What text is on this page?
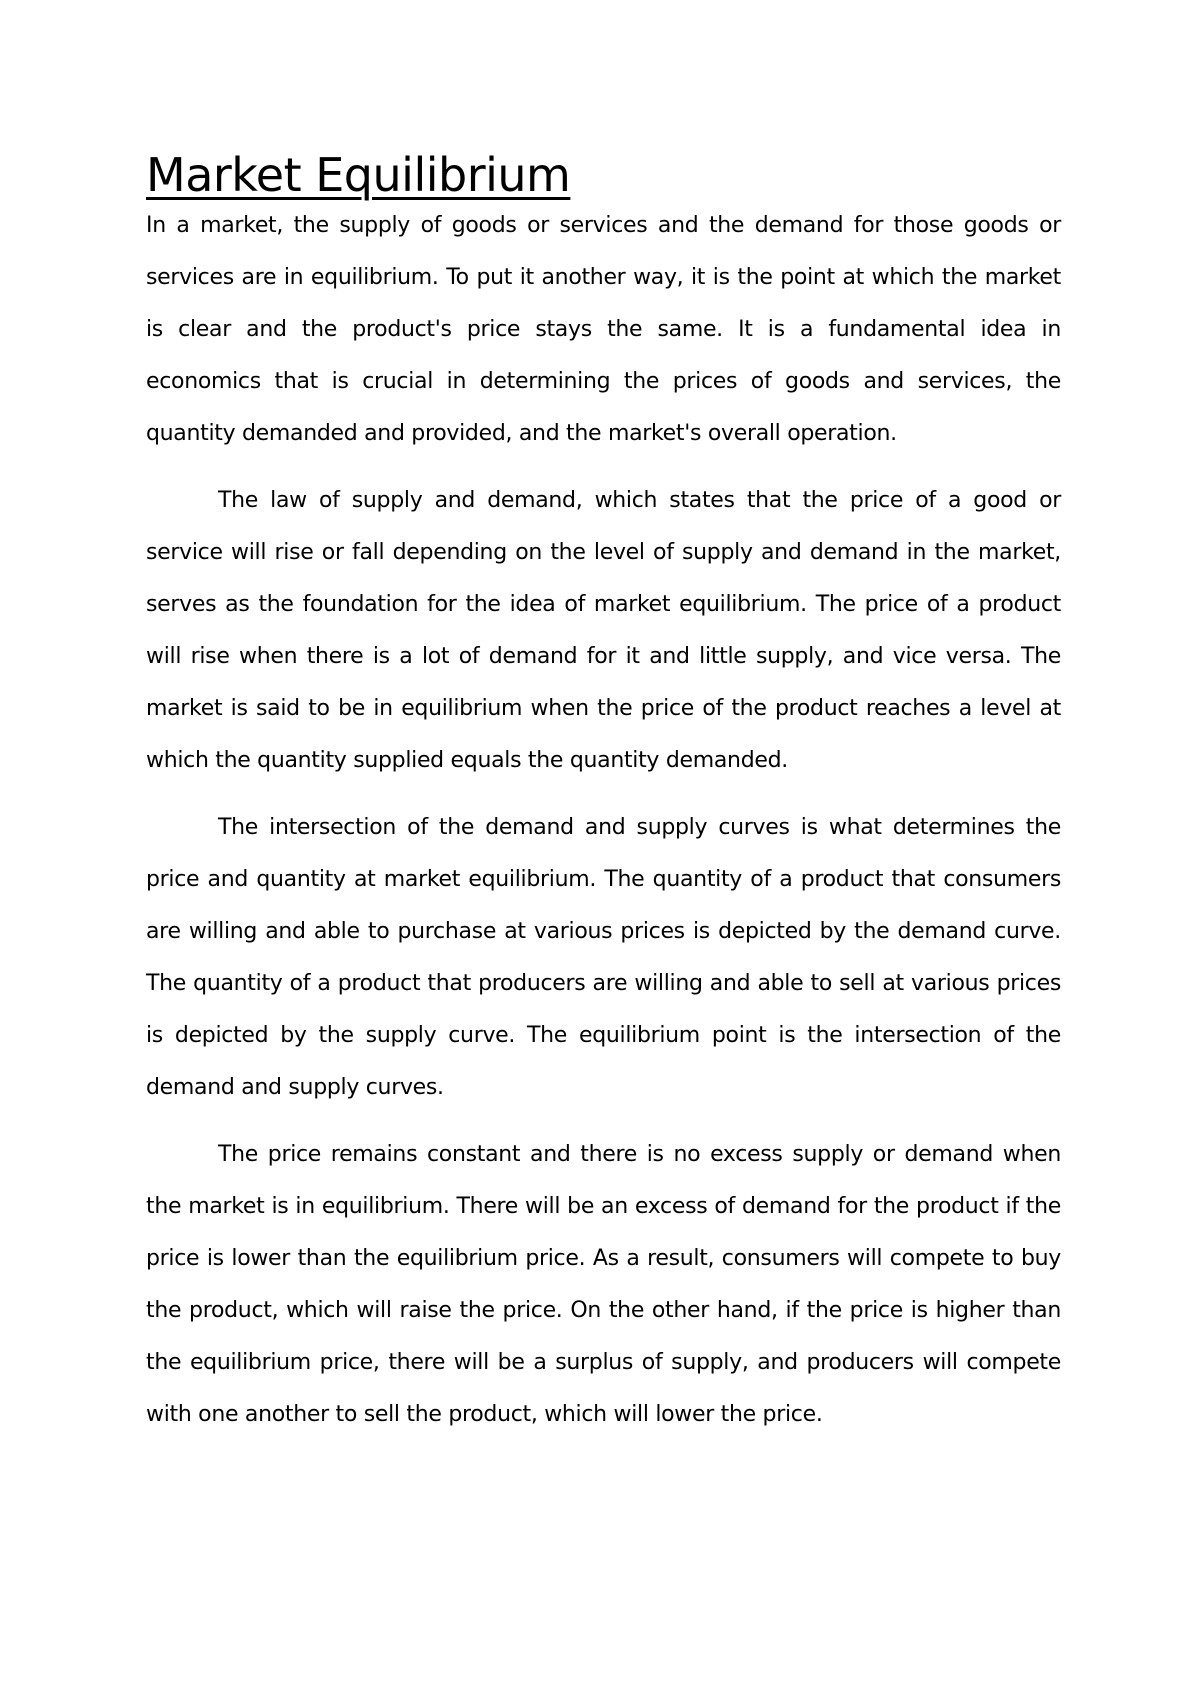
Market Equilibrium

In a market, the supply of goods or services and the demand for those goods or services are in equilibrium. To put it another way, it is the point at which the market is clear and the product's price stays the same. It is a fundamental idea in economics that is crucial in determining the prices of goods and services, the quantity demanded and provided, and the market's overall operation.

The law of supply and demand, which states that the price of a good or service will rise or fall depending on the level of supply and demand in the market, serves as the foundation for the idea of market equilibrium. The price of a product will rise when there is a lot of demand for it and little supply, and vice versa. The market is said to be in equilibrium when the price of the product reaches a level at which the quantity supplied equals the quantity demanded.

The intersection of the demand and supply curves is what determines the price and quantity at market equilibrium. The quantity of a product that consumers are willing and able to purchase at various prices is depicted by the demand curve. The quantity of a product that producers are willing and able to sell at various prices is depicted by the supply curve. The equilibrium point is the intersection of the demand and supply curves.

The price remains constant and there is no excess supply or demand when the market is in equilibrium. There will be an excess of demand for the product if the price is lower than the equilibrium price. As a result, consumers will compete to buy the product, which will raise the price. On the other hand, if the price is higher than the equilibrium price, there will be a surplus of supply, and producers will compete with one another to sell the product, which will lower the price.
